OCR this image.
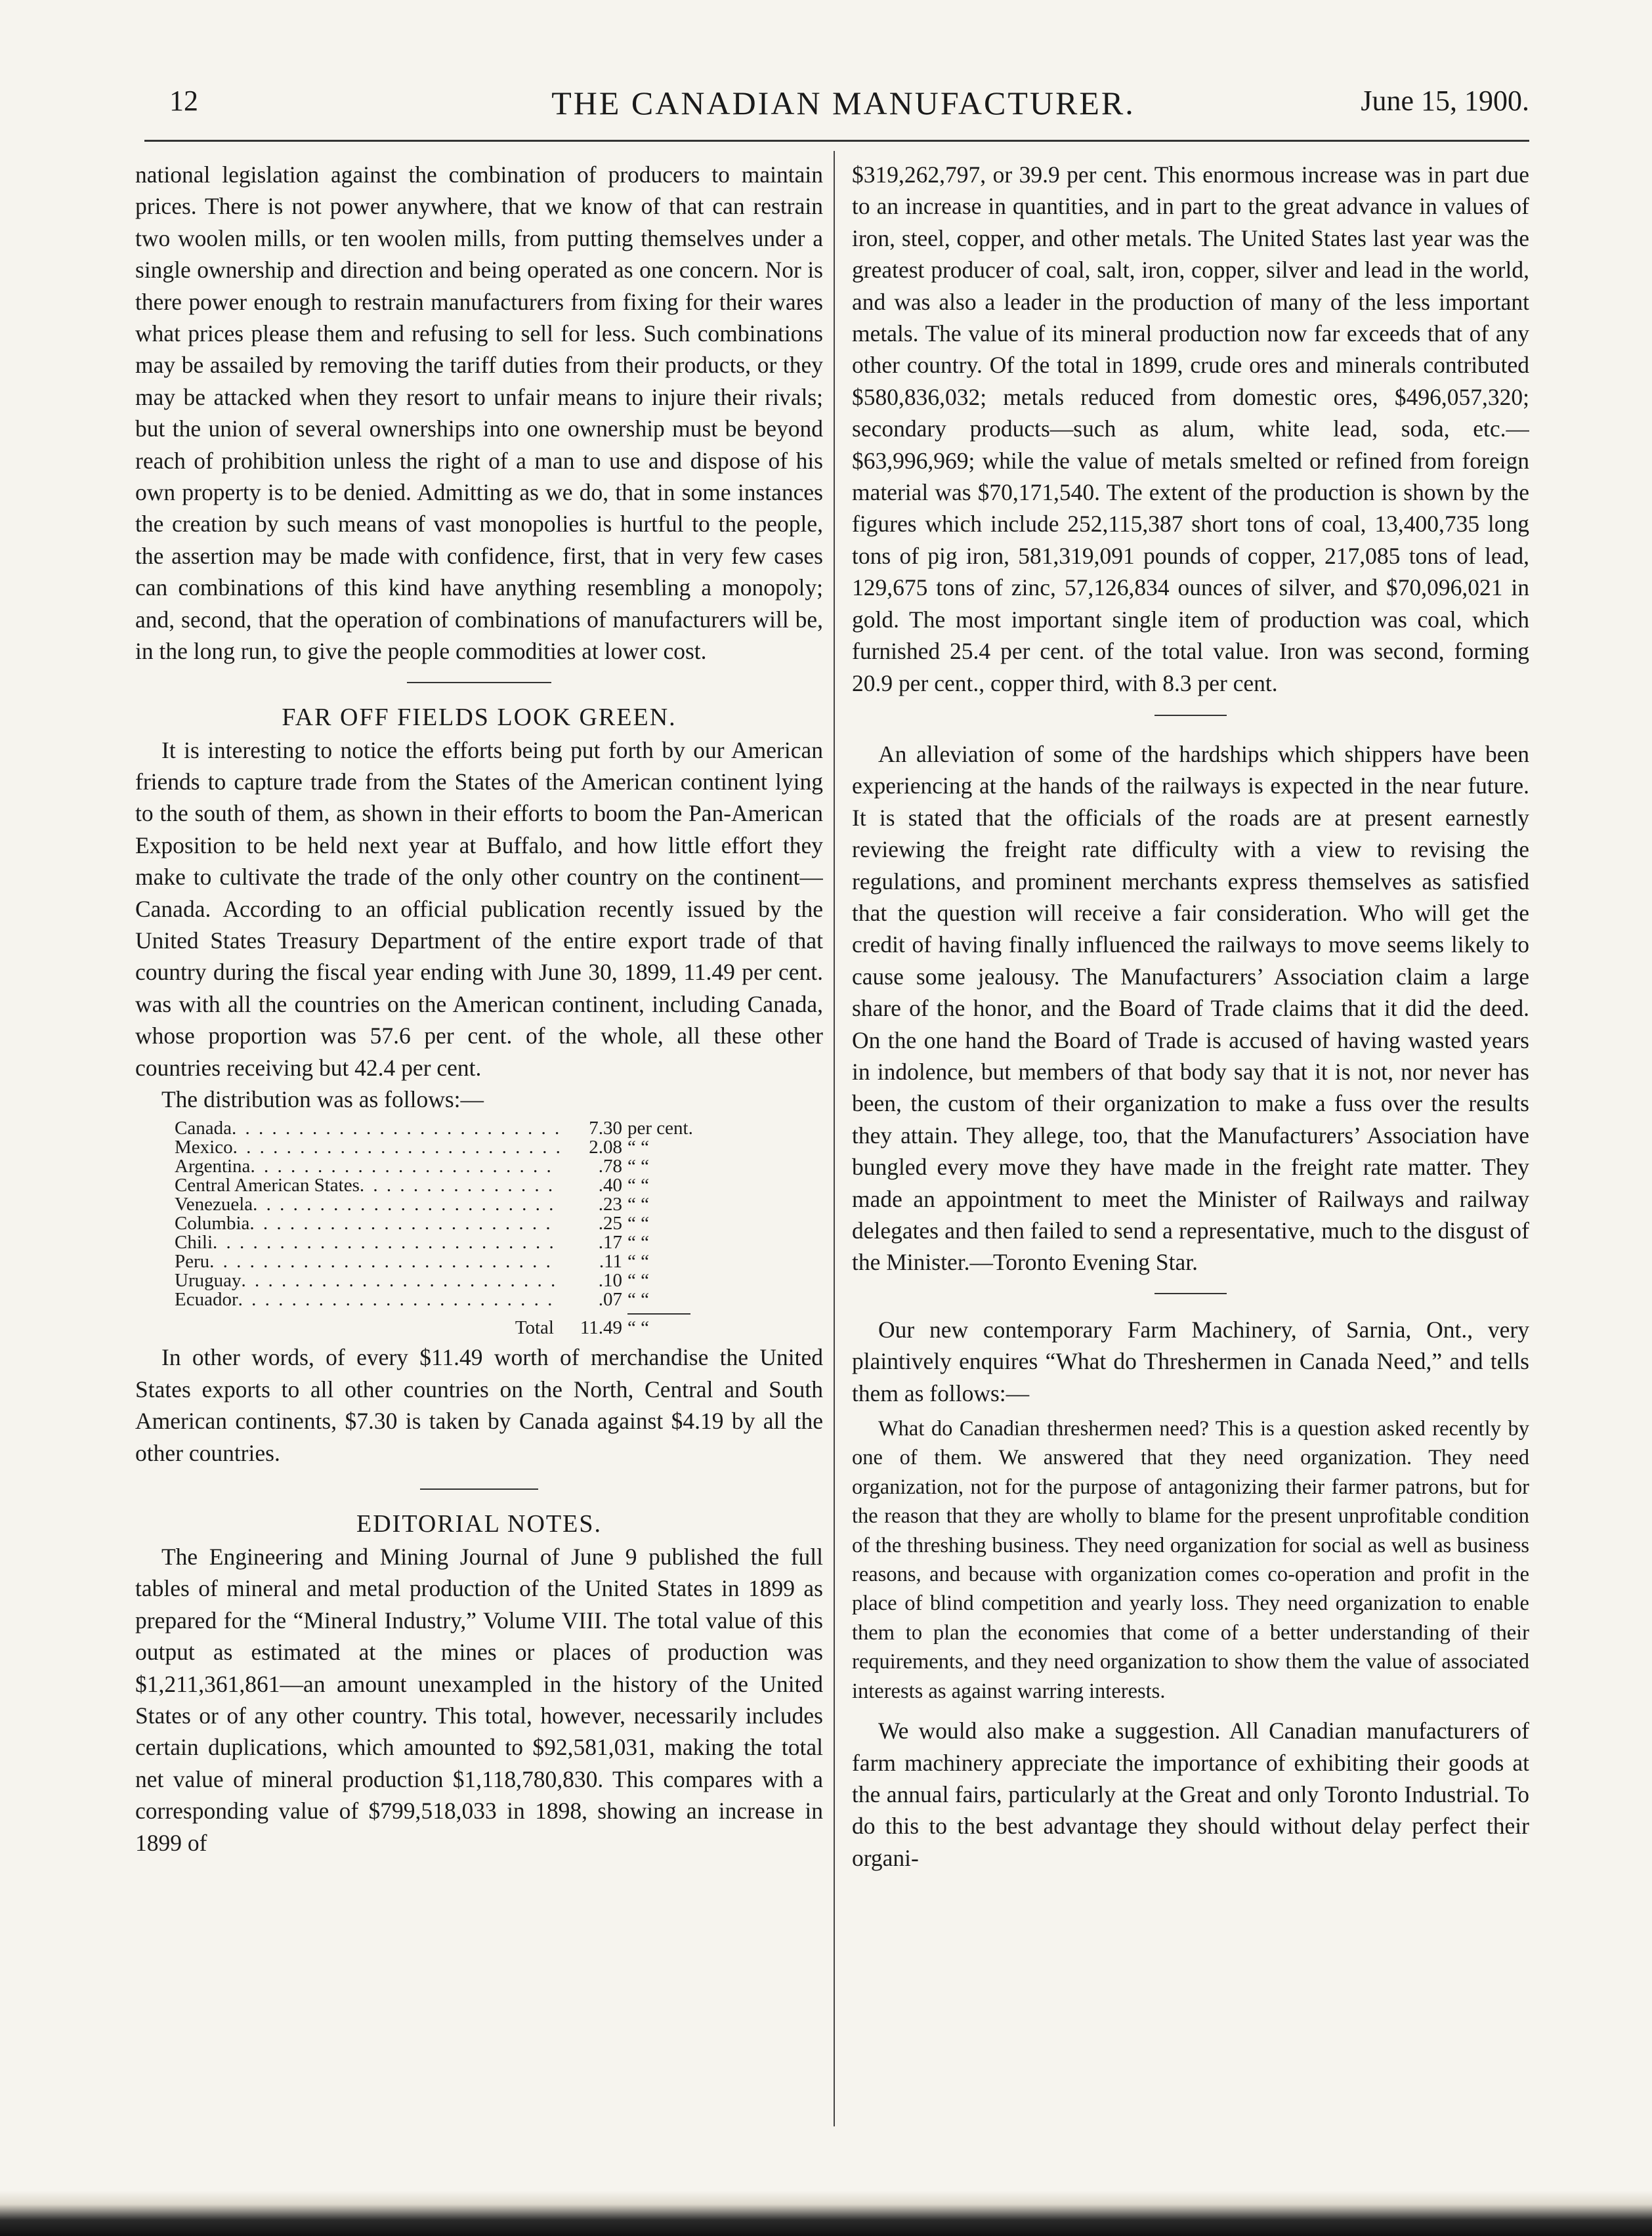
12	THE CANADIAN MANUFACTURER.	June 15, 1900.

national legislation against the combination of producers to maintain prices. There is not power anywhere, that we know of that can restrain two woolen mills, or ten woolen mills, from putting themselves under a single ownership and direction and being operated as one concern. Nor is there power enough to restrain manufacturers from fixing for their wares what prices please them and refusing to sell for less. Such combinations may be assailed by removing the tariff duties from their products, or they may be attacked when they resort to unfair means to injure their rivals; but the union of several ownerships into one ownership must be beyond reach of prohibition unless the right of a man to use and dispose of his own property is to be denied. Admitting as we do, that in some instances the creation by such means of vast monopolies is hurtful to the people, the assertion may be made with confidence, first, that in very few cases can combinations of this kind have anything resembling a monopoly; and, second, that the operation of combinations of manufacturers will be, in the long run, to give the people commodities at lower cost.

FAR OFF FIELDS LOOK GREEN.

It is interesting to notice the efforts being put forth by our American friends to capture trade from the States of the American continent lying to the south of them, as shown in their efforts to boom the Pan-American Exposition to be held next year at Buffalo, and how little effort they make to cultivate the trade of the only other country on the continent—Canada. According to an official publication recently issued by the United States Treasury Department of the entire export trade of that country during the fiscal year ending with June 30, 1899, 11.49 per cent. was with all the countries on the American continent, including Canada, whose proportion was 57.6 per cent. of the whole, all these other countries receiving but 42.4 per cent.

The distribution was as follows:—

Canada . . .	7.30 per cent.
Mexico . . .	2.08 “ “
Argentina . . .	.78 “ “
Central American States . . .	.40 “ “
Venezuela . . .	.23 “ “
Columbia . . .	.25 “ “
Chili . . .	.17 “ “
Peru . . .	.11 “ “
Uruguay . . .	.10 “ “
Ecuador . . .	.07 “ “
Total	11.49 “ “

In other words, of every $11.49 worth of merchandise the United States exports to all other countries on the North, Central and South American continents, $7.30 is taken by Canada against $4.19 by all the other countries.

EDITORIAL NOTES.

The Engineering and Mining Journal of June 9 published the full tables of mineral and metal production of the United States in 1899 as prepared for the “Mineral Industry,” Volume VIII. The total value of this output as estimated at the mines or places of production was $1,211,361,861—an amount unexampled in the history of the United States or of any other country. This total, however, necessarily includes certain duplications, which amounted to $92,581,031, making the total net value of mineral production $1,118,780,830. This compares with a corresponding value of $799,518,033 in 1898, showing an increase in 1899 of

$319,262,797, or 39.9 per cent. This enormous increase was in part due to an increase in quantities, and in part to the great advance in values of iron, steel, copper, and other metals. The United States last year was the greatest producer of coal, salt, iron, copper, silver and lead in the world, and was also a leader in the production of many of the less important metals. The value of its mineral production now far exceeds that of any other country. Of the total in 1899, crude ores and minerals contributed $580,836,032; metals reduced from domestic ores, $496,057,320; secondary products—such as alum, white lead, soda, etc.—$63,996,969; while the value of metals smelted or refined from foreign material was $70,171,540. The extent of the production is shown by the figures which include 252,115,387 short tons of coal, 13,400,735 long tons of pig iron, 581,319,091 pounds of copper, 217,085 tons of lead, 129,675 tons of zinc, 57,126,834 ounces of silver, and $70,096,021 in gold. The most important single item of production was coal, which furnished 25.4 per cent. of the total value. Iron was second, forming 20.9 per cent., copper third, with 8.3 per cent.

An alleviation of some of the hardships which shippers have been experiencing at the hands of the railways is expected in the near future. It is stated that the officials of the roads are at present earnestly reviewing the freight rate difficulty with a view to revising the regulations, and prominent merchants express themselves as satisfied that the question will receive a fair consideration. Who will get the credit of having finally influenced the railways to move seems likely to cause some jealousy. The Manufacturers’ Association claim a large share of the honor, and the Board of Trade claims that it did the deed. On the one hand the Board of Trade is accused of having wasted years in indolence, but members of that body say that it is not, nor never has been, the custom of their organization to make a fuss over the results they attain. They allege, too, that the Manufacturers’ Association have bungled every move they have made in the freight rate matter. They made an appointment to meet the Minister of Railways and railway delegates and then failed to send a representative, much to the disgust of the Minister.—Toronto Evening Star.

Our new contemporary Farm Machinery, of Sarnia, Ont., very plaintively enquires “What do Threshermen in Canada Need,” and tells them as follows:—

What do Canadian threshermen need? This is a question asked recently by one of them. We answered that they need organization. They need organization, not for the purpose of antagonizing their farmer patrons, but for the reason that they are wholly to blame for the present unprofitable condition of the threshing business. They need organization for social as well as business reasons, and because with organization comes co-operation and profit in the place of blind competition and yearly loss. They need organization to enable them to plan the economies that come of a better understanding of their requirements, and they need organization to show them the value of associated interests as against warring interests.

We would also make a suggestion. All Canadian manufacturers of farm machinery appreciate the importance of exhibiting their goods at the annual fairs, particularly at the Great and only Toronto Industrial. To do this to the best advantage they should without delay perfect their organi-
